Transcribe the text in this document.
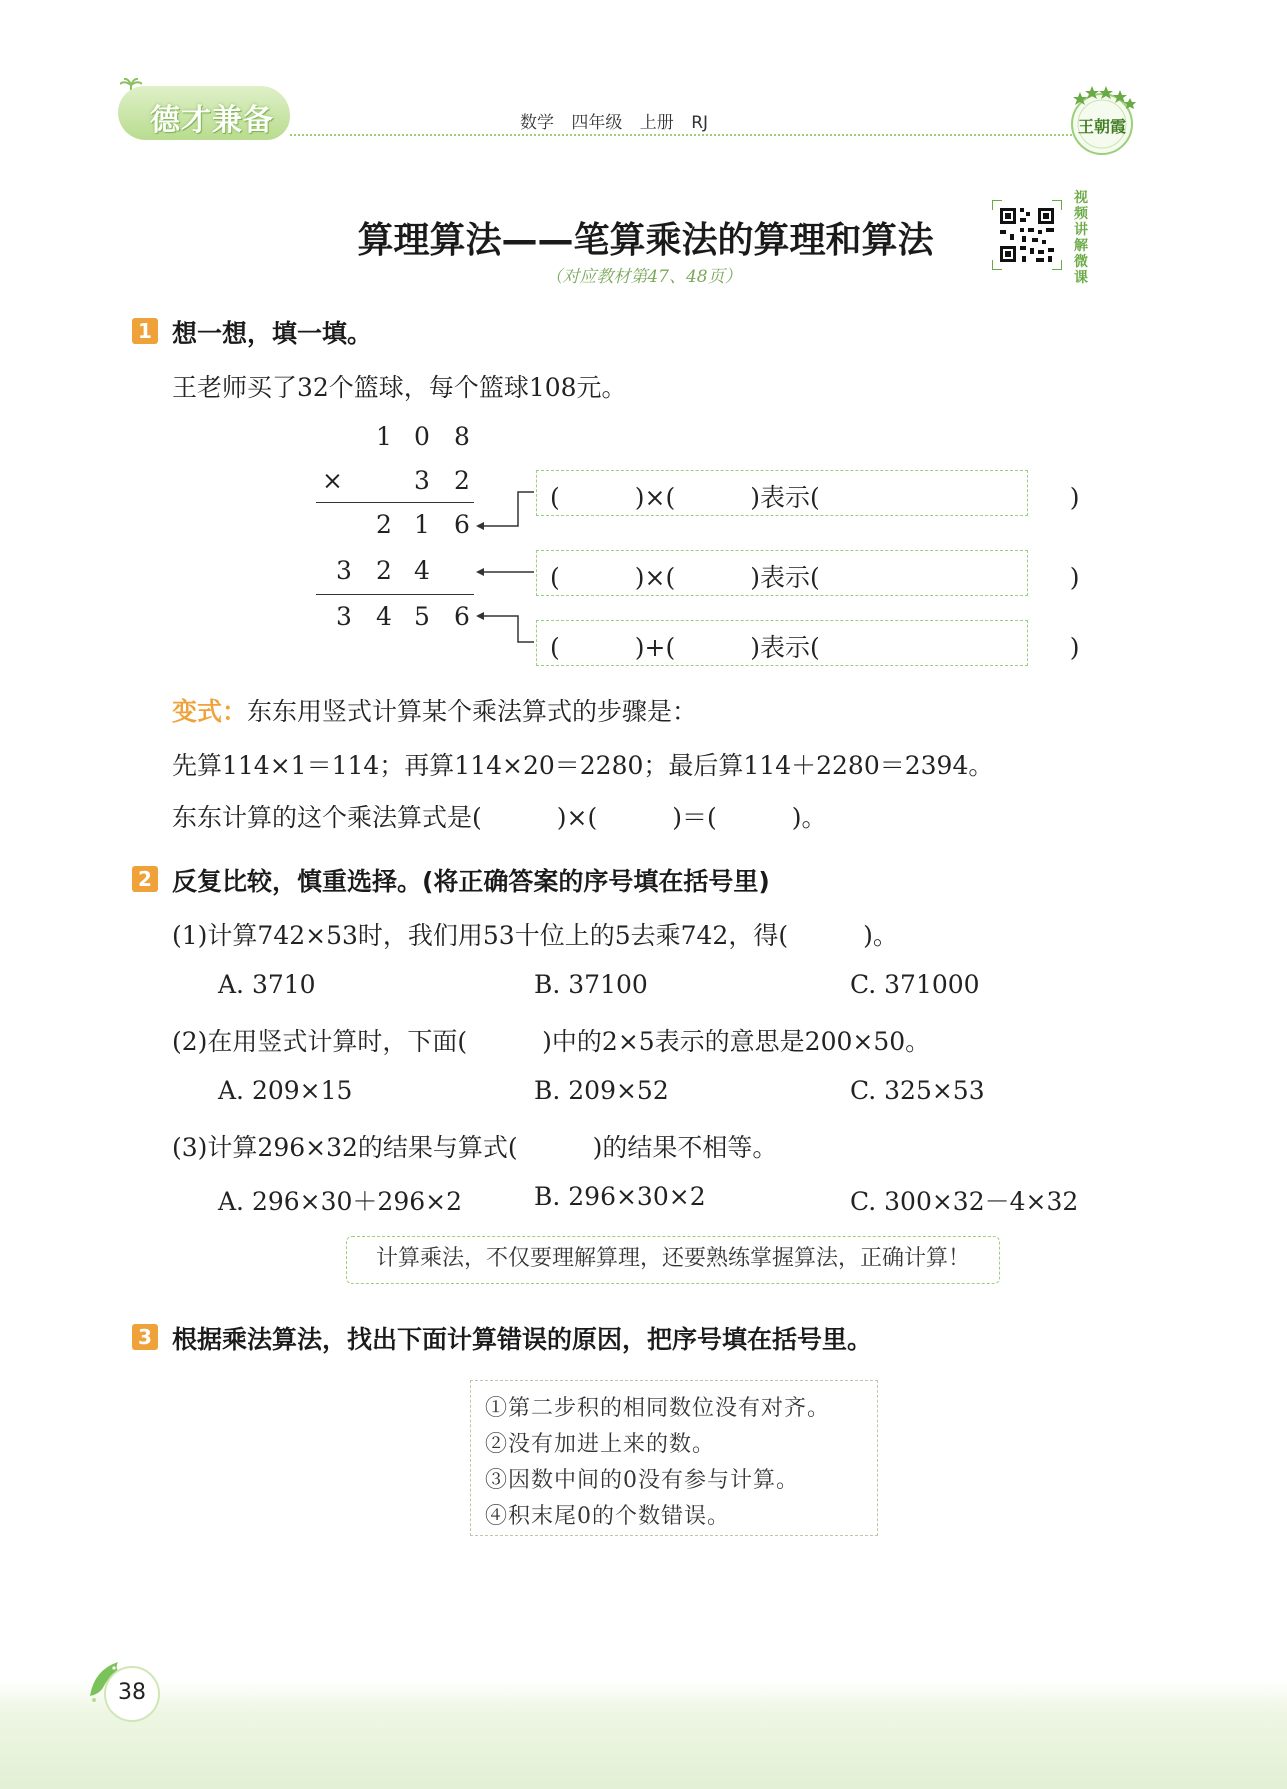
德才兼备	数学 四年级 上册 RJ	王朝霞
算理算法——笔算乘法的算理和算法
（对应教材第47、48页）
视频讲解微课
1 想一想，填一填。
王老师买了32个篮球，每个篮球108元。
1 0 8
×	3 2
2 1 6
3 2 4
3 4 5 6
(　　　)×(　　　)表示(　　　　　　　　　　)
(　　　)×(　　　)表示(　　　　　　　　　　)
(　　　)+(　　　)表示(　　　　　　　　　　)
变式：东东用竖式计算某个乘法算式的步骤是：
先算114×1＝114；再算114×20＝2280；最后算114＋2280＝2394。
东东计算的这个乘法算式是(　　　)×(　　　)＝(　　　)。
2 反复比较，慎重选择。(将正确答案的序号填在括号里)
(1)计算742×53时，我们用53十位上的5去乘742，得(　　　)。
A. 3710	B. 37100	C. 371000
(2)在用竖式计算时，下面(　　　)中的2×5表示的意思是200×50。
A. 209×15	B. 209×52	C. 325×53
(3)计算296×32的结果与算式(　　　)的结果不相等。
A. 296×30＋296×2	B. 296×30×2	C. 300×32－4×32
计算乘法，不仅要理解算理，还要熟练掌握算法，正确计算！
3 根据乘法算法，找出下面计算错误的原因，把序号填在括号里。
①第二步积的相同数位没有对齐。
②没有加进上来的数。
③因数中间的0没有参与计算。
④积末尾0的个数错误。
38
